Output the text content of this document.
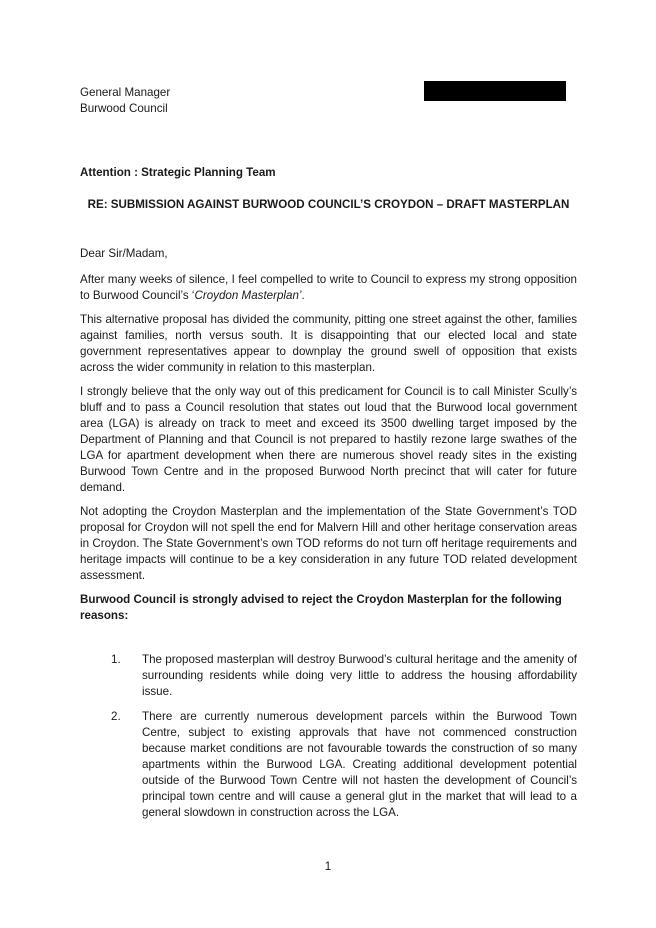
General Manager
Burwood Council
Attention : Strategic Planning Team
RE: SUBMISSION AGAINST BURWOOD COUNCIL’S CROYDON – DRAFT MASTERPLAN

Dear Sir/Madam,

After many weeks of silence, I feel compelled to write to Council to express my strong opposition to Burwood Council’s ‘Croydon Masterplan’.

This alternative proposal has divided the community, pitting one street against the other, families against families, north versus south. It is disappointing that our elected local and state government representatives appear to downplay the ground swell of opposition that exists across the wider community in relation to this masterplan.

I strongly believe that the only way out of this predicament for Council is to call Minister Scully’s bluff and to pass a Council resolution that states out loud that the Burwood local government area (LGA) is already on track to meet and exceed its 3500 dwelling target imposed by the Department of Planning and that Council is not prepared to hastily rezone large swathes of the LGA for apartment development when there are numerous shovel ready sites in the existing Burwood Town Centre and in the proposed Burwood North precinct that will cater for future demand.

Not adopting the Croydon Masterplan and the implementation of the State Government’s TOD proposal for Croydon will not spell the end for Malvern Hill and other heritage conservation areas in Croydon. The State Government’s own TOD reforms do not turn off heritage requirements and heritage impacts will continue to be a key consideration in any future TOD related development assessment.

Burwood Council is strongly advised to reject the Croydon Masterplan for the following reasons:

1. The proposed masterplan will destroy Burwood’s cultural heritage and the amenity of surrounding residents while doing very little to address the housing affordability issue.
2. There are currently numerous development parcels within the Burwood Town Centre, subject to existing approvals that have not commenced construction because market conditions are not favourable towards the construction of so many apartments within the Burwood LGA. Creating additional development potential outside of the Burwood Town Centre will not hasten the development of Council’s principal town centre and will cause a general glut in the market that will lead to a general slowdown in construction across the LGA.
1
